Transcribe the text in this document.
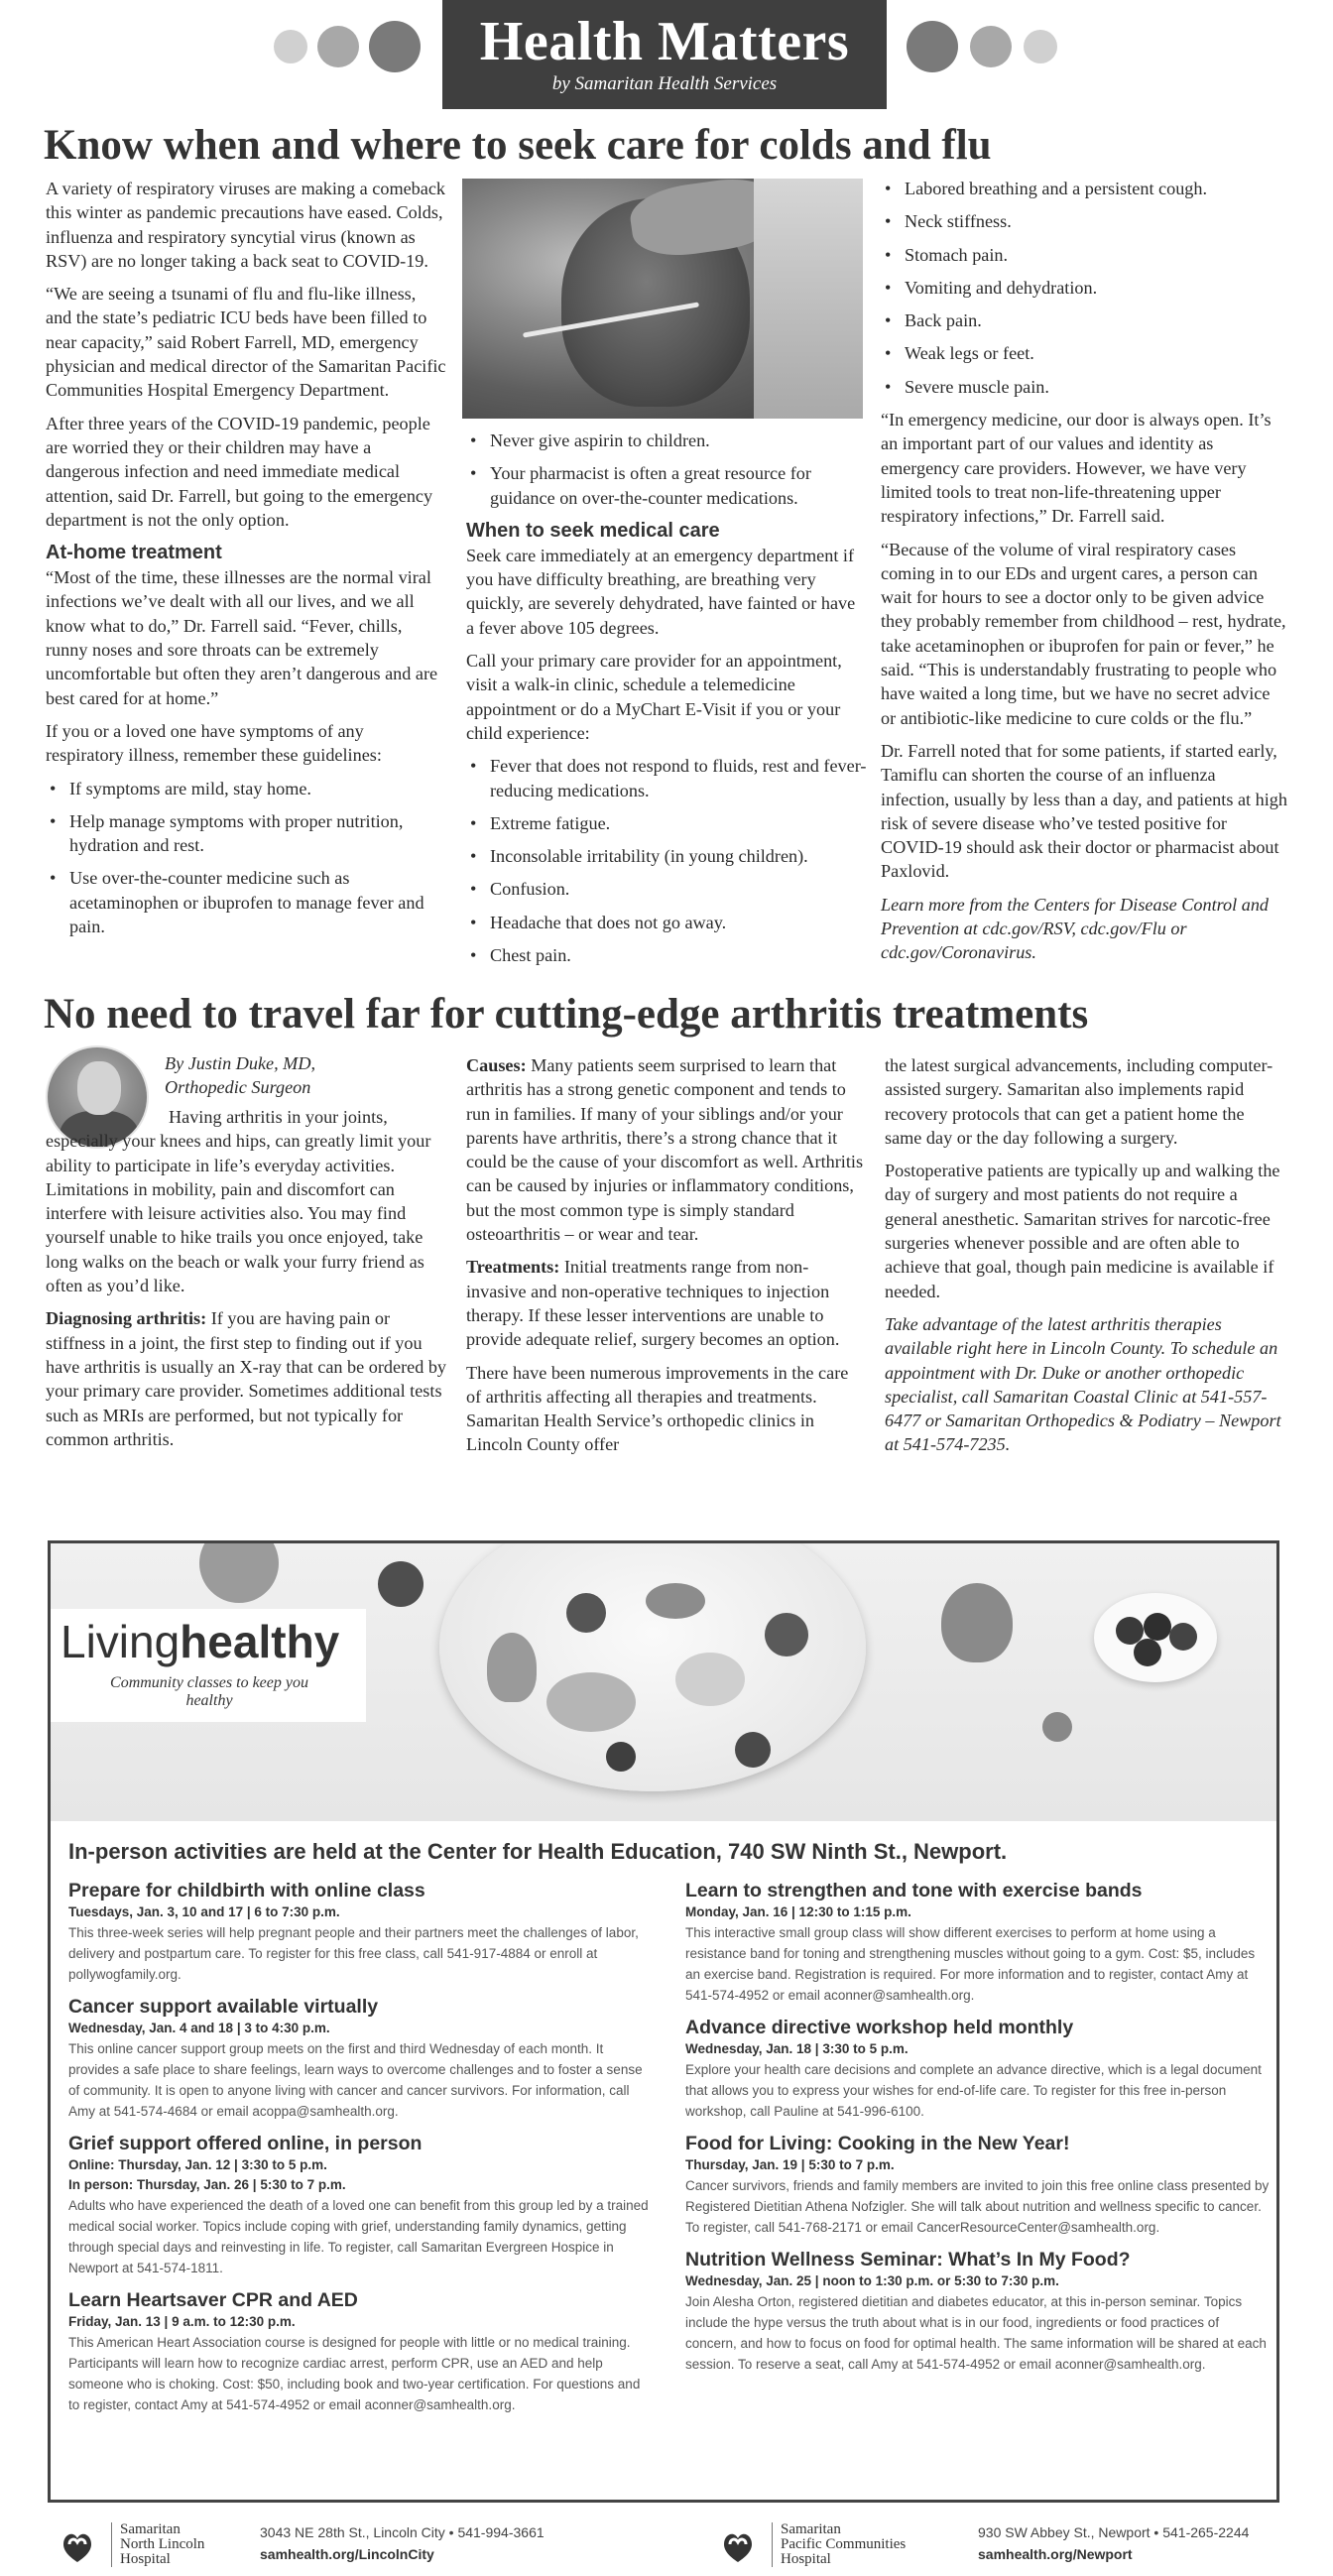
Health Matters
by Samaritan Health Services
Know when and where to seek care for colds and flu

A variety of respiratory viruses are making a comeback this winter as pandemic precautions have eased. Colds, influenza and respiratory syncytial virus (known as RSV) are no longer taking a back seat to COVID-19.

“We are seeing a tsunami of flu and flu-like illness, and the state’s pediatric ICU beds have been filled to near capacity,” said Robert Farrell, MD, emergency physician and medical director of the Samaritan Pacific Communities Hospital Emergency Department.

After three years of the COVID-19 pandemic, people are worried they or their children may have a dangerous infection and need immediate medical attention, said Dr. Farrell, but going to the emergency department is not the only option.

At-home treatment

“Most of the time, these illnesses are the normal viral infections we’ve dealt with all our lives, and we all know what to do,” Dr. Farrell said. “Fever, chills, runny noses and sore throats can be extremely uncomfortable but often they aren’t dangerous and are best cared for at home.”

If you or a loved one have symptoms of any respiratory illness, remember these guidelines:

• If symptoms are mild, stay home.
• Help manage symptoms with proper nutrition, hydration and rest.
• Use over-the-counter medicine such as acetaminophen or ibuprofen to manage fever and pain.
• Never give aspirin to children.
• Your pharmacist is often a great resource for guidance on over-the-counter medications.
When to seek medical care

Seek care immediately at an emergency department if you have difficulty breathing, are breathing very quickly, are severely dehydrated, have fainted or have a fever above 105 degrees.

Call your primary care provider for an appointment, visit a walk-in clinic, schedule a telemedicine appointment or do a MyChart E-Visit if you or your child experience:

• Fever that does not respond to fluids, rest and fever-reducing medications.
• Extreme fatigue.
• Inconsolable irritability (in young children).
• Confusion.
• Headache that does not go away.
• Chest pain.
• Labored breathing and a persistent cough.
• Neck stiffness.
• Stomach pain.
• Vomiting and dehydration.
• Back pain.
• Weak legs or feet.
• Severe muscle pain.

“In emergency medicine, our door is always open. It’s an important part of our values and identity as emergency care providers. However, we have very limited tools to treat non-life-threatening upper respiratory infections,” Dr. Farrell said.

“Because of the volume of viral respiratory cases coming in to our EDs and urgent cares, a person can wait for hours to see a doctor only to be given advice they probably remember from childhood – rest, hydrate, take acetaminophen or ibuprofen for pain or fever,” he said. “This is understandably frustrating to people who have waited a long time, but we have no secret advice or antibiotic-like medicine to cure colds or the flu.”

Dr. Farrell noted that for some patients, if started early, Tamiflu can shorten the course of an influenza infection, usually by less than a day, and patients at high risk of severe disease who’ve tested positive for COVID-19 should ask their doctor or pharmacist about Paxlovid.

Learn more from the Centers for Disease Control and Prevention at cdc.gov/RSV, cdc.gov/Flu or cdc.gov/Coronavirus.

No need to travel far for cutting-edge arthritis treatments
By Justin Duke, MD,
Orthopedic Surgeon

Having arthritis in your joints, especially your knees and hips, can greatly limit your ability to participate in life’s everyday activities. Limitations in mobility, pain and discomfort can interfere with leisure activities also. You may find yourself unable to hike trails you once enjoyed, take long walks on the beach or walk your furry friend as often as you’d like.

Diagnosing arthritis: If you are having pain or stiffness in a joint, the first step to finding out if you have arthritis is usually an X-ray that can be ordered by your primary care provider. Sometimes additional tests such as MRIs are performed, but not typically for common arthritis.

Causes: Many patients seem surprised to learn that arthritis has a strong genetic component and tends to run in families. If many of your siblings and/or your parents have arthritis, there’s a strong chance that it could be the cause of your discomfort as well. Arthritis can be caused by injuries or inflammatory conditions, but the most common type is simply standard osteoarthritis – or wear and tear.

Treatments: Initial treatments range from non-invasive and non-operative techniques to injection therapy. If these lesser interventions are unable to provide adequate relief, surgery becomes an option.

There have been numerous improvements in the care of arthritis affecting all therapies and treatments. Samaritan Health Service’s orthopedic clinics in Lincoln County offer

the latest surgical advancements, including computer-assisted surgery. Samaritan also implements rapid recovery protocols that can get a patient home the same day or the day following a surgery.

Postoperative patients are typically up and walking the day of surgery and most patients do not require a general anesthetic. Samaritan strives for narcotic-free surgeries whenever possible and are often able to achieve that goal, though pain medicine is available if needed.

Take advantage of the latest arthritis therapies available right here in Lincoln County. To schedule an appointment with Dr. Duke or another orthopedic specialist, call Samaritan Coastal Clinic at 541-557-6477 or Samaritan Orthopedics & Podiatry – Newport at 541-574-7235.

Livinghealthy
Community classes to keep you healthy
In-person activities are held at the Center for Health Education, 740 SW Ninth St., Newport.
Prepare for childbirth with online class
Tuesdays, Jan. 3, 10 and 17 | 6 to 7:30 p.m.
This three-week series will help pregnant people and their partners meet the challenges of labor, delivery and postpartum care. To register for this free class, call 541-917-4884 or enroll at pollywogfamily.org.
Cancer support available virtually
Wednesday, Jan. 4 and 18 | 3 to 4:30 p.m.
This online cancer support group meets on the first and third Wednesday of each month. It provides a safe place to share feelings, learn ways to overcome challenges and to foster a sense of community. It is open to anyone living with cancer and cancer survivors. For information, call Amy at 541-574-4684 or email acoppa@samhealth.org.
Grief support offered online, in person
Online: Thursday, Jan. 12 | 3:30 to 5 p.m.
In person: Thursday, Jan. 26 | 5:30 to 7 p.m.
Adults who have experienced the death of a loved one can benefit from this group led by a trained medical social worker. Topics include coping with grief, understanding family dynamics, getting through special days and reinvesting in life. To register, call Samaritan Evergreen Hospice in Newport at 541-574-1811.
Learn Heartsaver CPR and AED
Friday, Jan. 13 | 9 a.m. to 12:30 p.m.
This American Heart Association course is designed for people with little or no medical training. Participants will learn how to recognize cardiac arrest, perform CPR, use an AED and help someone who is choking. Cost: $50, including book and two-year certification. For questions and to register, contact Amy at 541-574-4952 or email aconner@samhealth.org.
Learn to strengthen and tone with exercise bands
Monday, Jan. 16 | 12:30 to 1:15 p.m.
This interactive small group class will show different exercises to perform at home using a resistance band for toning and strengthening muscles without going to a gym. Cost: $5, includes an exercise band. Registration is required. For more information and to register, contact Amy at 541-574-4952 or email aconner@samhealth.org.
Advance directive workshop held monthly
Wednesday, Jan. 18 | 3:30 to 5 p.m.
Explore your health care decisions and complete an advance directive, which is a legal document that allows you to express your wishes for end-of-life care. To register for this free in-person workshop, call Pauline at 541-996-6100.
Food for Living: Cooking in the New Year!
Thursday, Jan. 19 | 5:30 to 7 p.m.
Cancer survivors, friends and family members are invited to join this free online class presented by Registered Dietitian Athena Nofzigler. She will talk about nutrition and wellness specific to cancer. To register, call 541-768-2171 or email CancerResourceCenter@samhealth.org.
Nutrition Wellness Seminar: What’s In My Food?
Wednesday, Jan. 25 | noon to 1:30 p.m. or 5:30 to 7:30 p.m.
Join Alesha Orton, registered dietitian and diabetes educator, at this in-person seminar. Topics include the hype versus the truth about what is in our food, ingredients or food practices of concern, and how to focus on food for optimal health. The same information will be shared at each session. To reserve a seat, call Amy at 541-574-4952 or email aconner@samhealth.org.
Samaritan
North Lincoln
Hospital
3043 NE 28th St., Lincoln City • 541-994-3661
samhealth.org/LincolnCity
Samaritan
Pacific Communities
Hospital
930 SW Abbey St., Newport • 541-265-2244
samhealth.org/Newport
